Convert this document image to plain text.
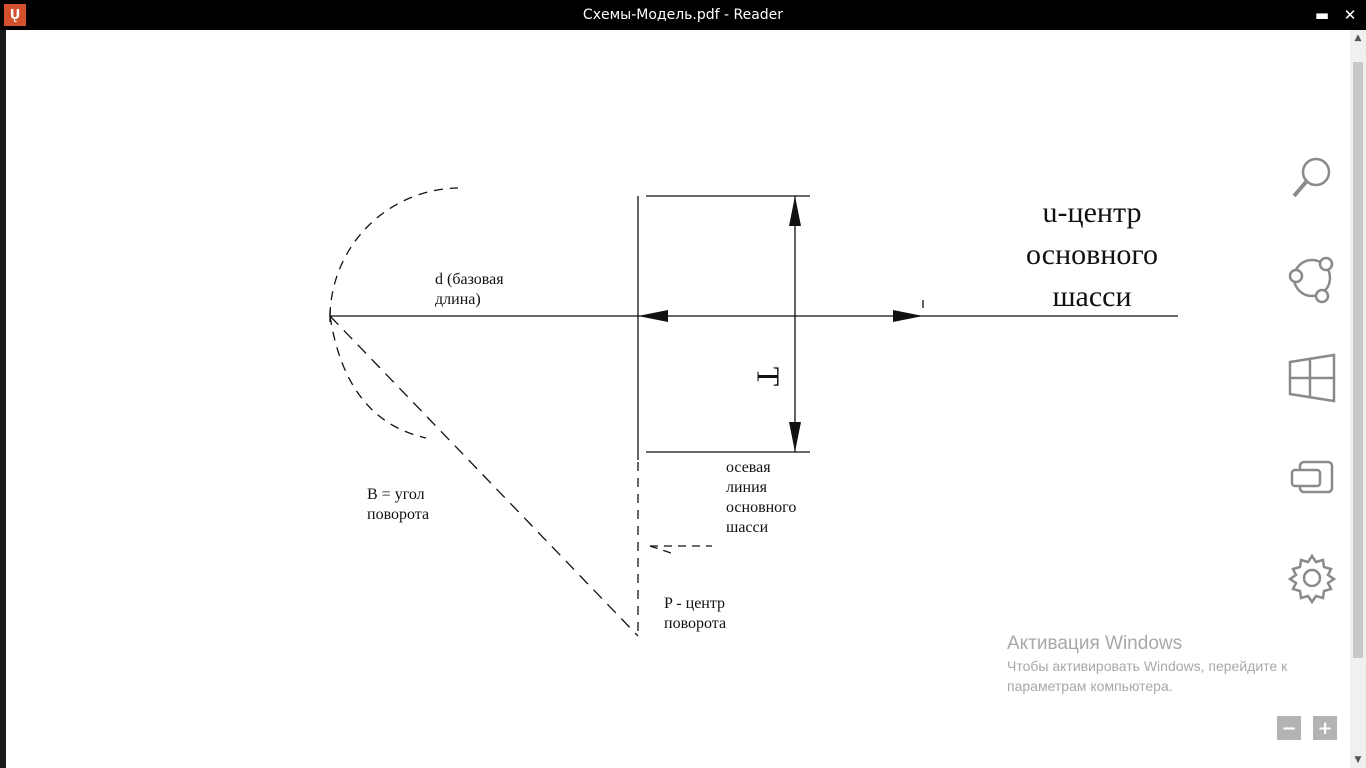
Ų	Схемы-Модель.pdf - Reader	▬ ✕
d (базовая
длина)
u-центр
основного
шасси
T
осевая
линия
основного
шасси
B = угол
поворота
P - центр
поворота
▲
▼
Активация Windows
Чтобы активировать Windows, перейдите к параметрам компьютера.
− +
